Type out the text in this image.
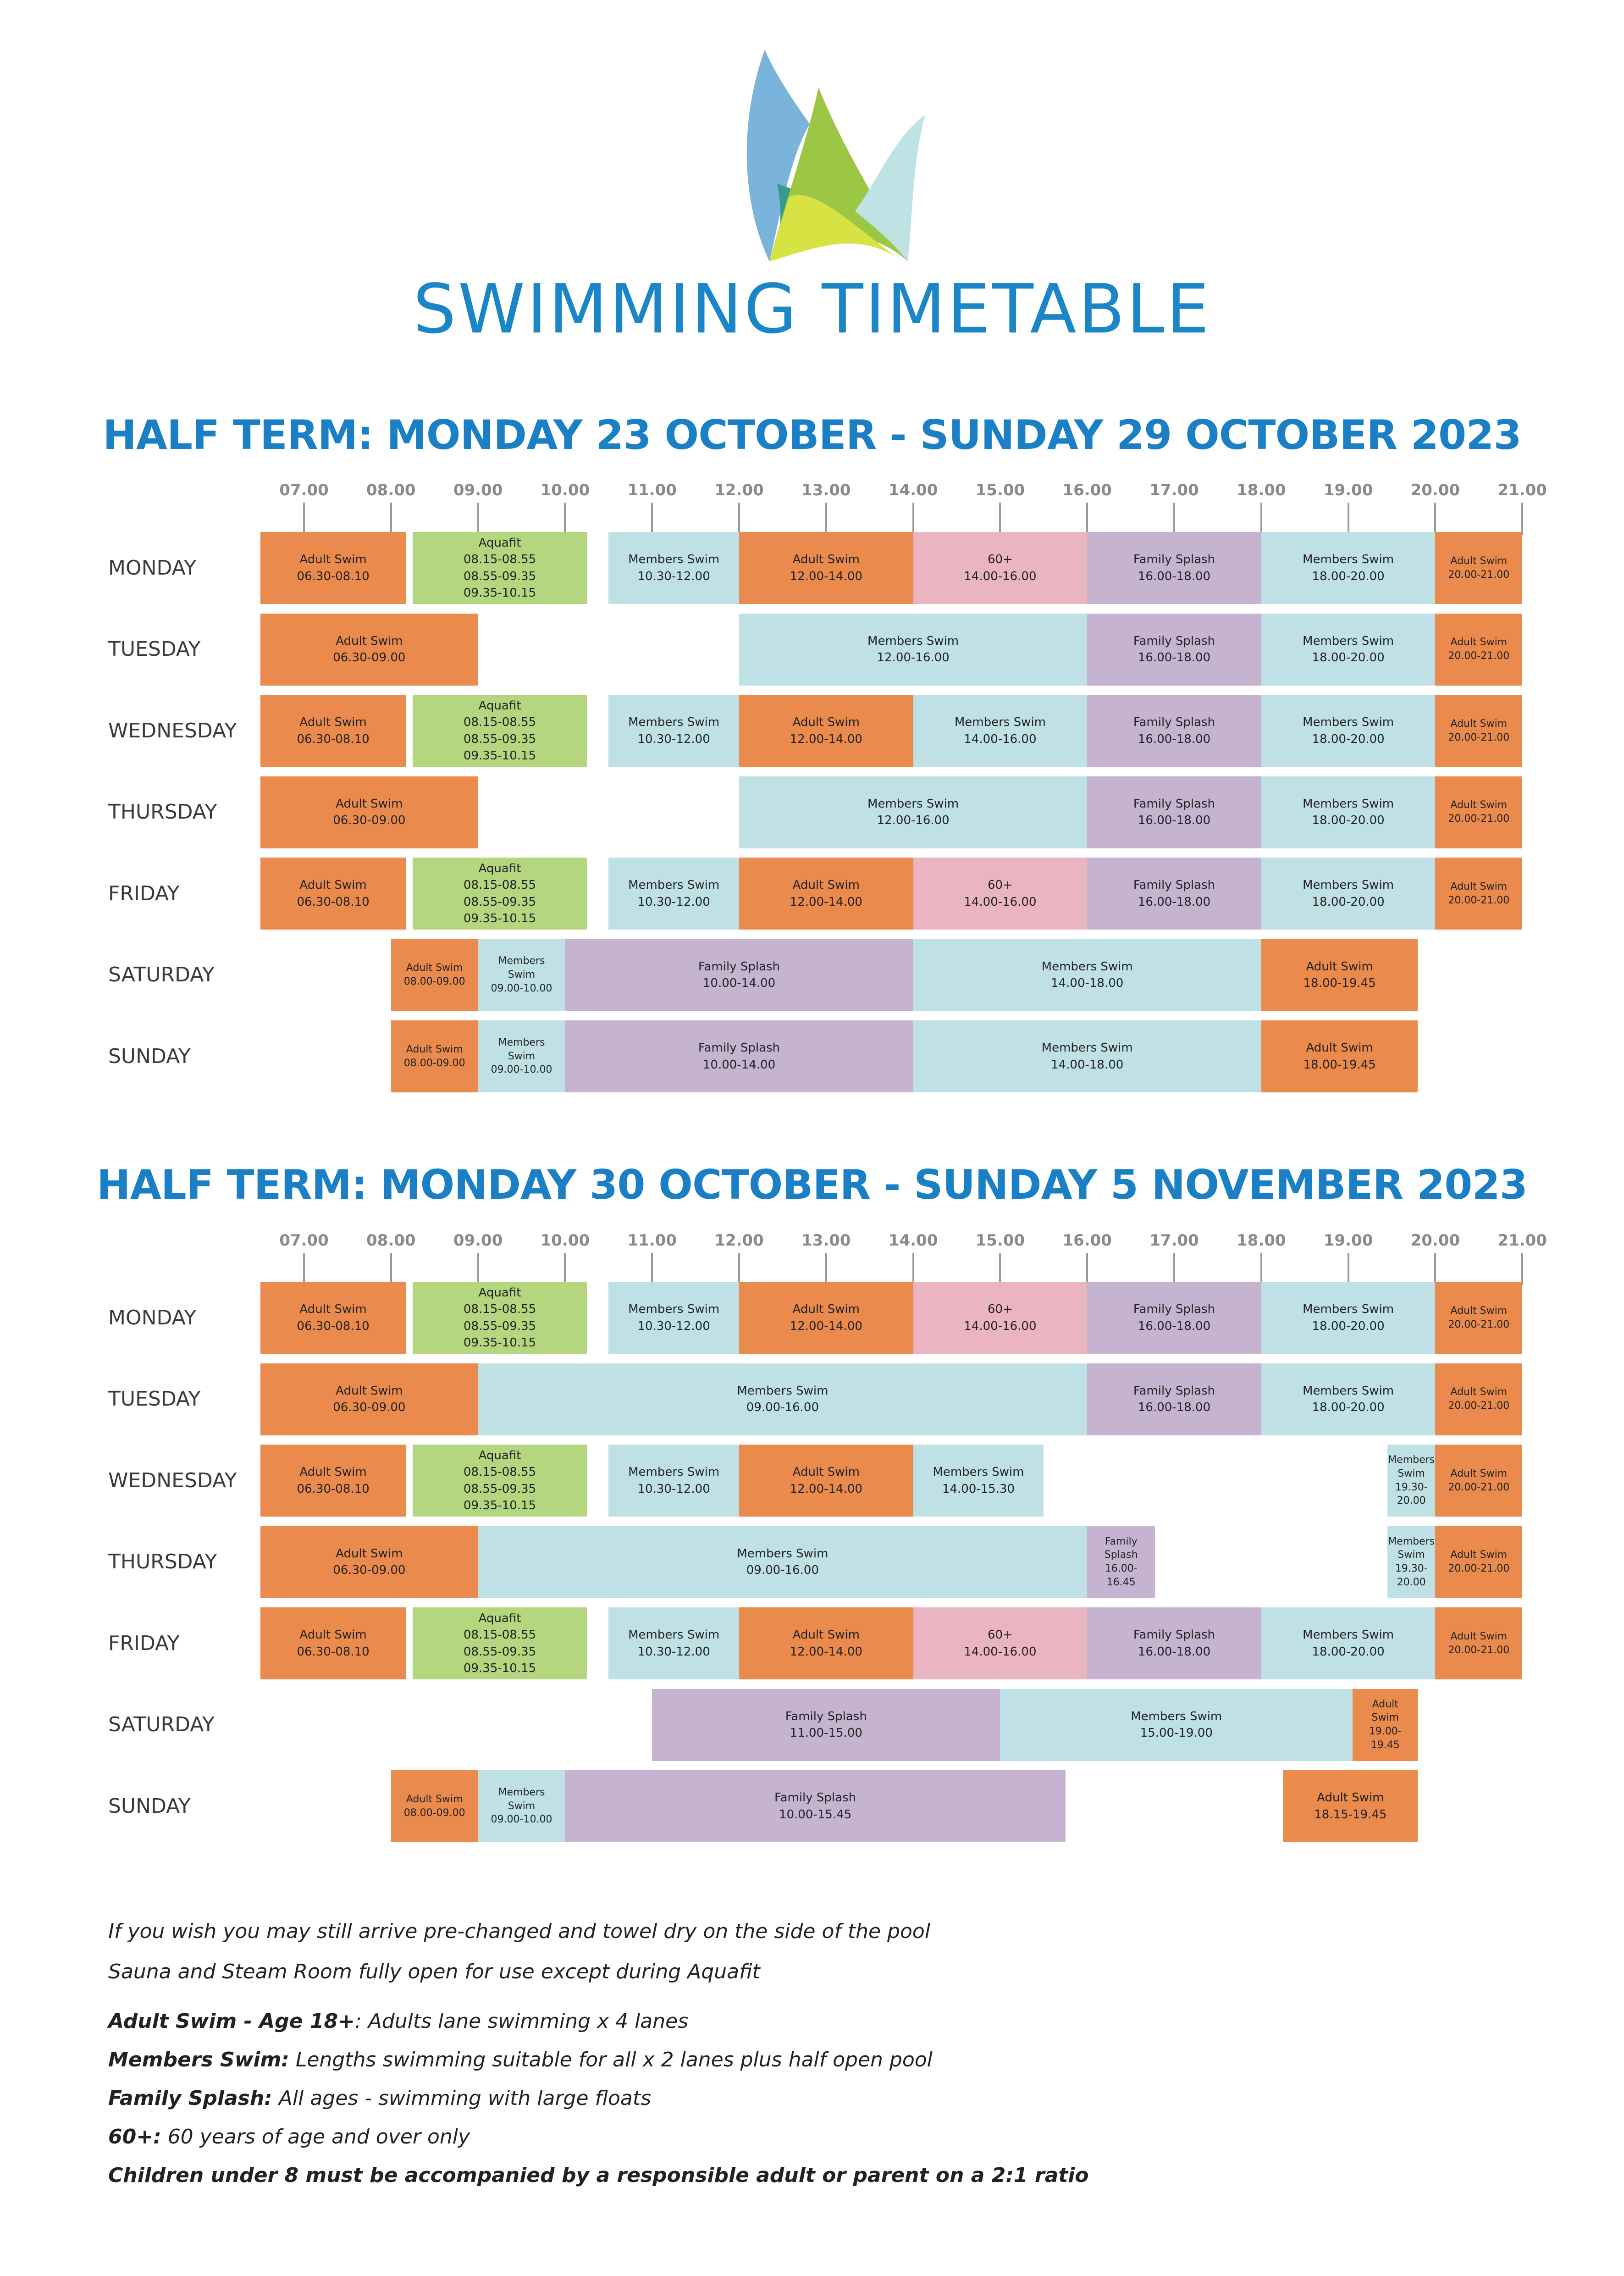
SWIMMING TIMETABLE
HALF TERM: MONDAY 23 OCTOBER - SUNDAY 29 OCTOBER 2023
07.00	08.00	09.00	10.00	11.00	12.00	13.00	14.00	15.00	16.00	17.00	18.00	19.00	20.00	21.00
MONDAY	Adult Swim
06.30-08.10
Aquafit
08.15-08.55
08.55-09.35
09.35-10.15
Members Swim
10.30-12.00
Adult Swim
12.00-14.00
60+
14.00-16.00
Family Splash
16.00-18.00
Members Swim
18.00-20.00
Adult Swim
20.00-21.00
TUESDAY	Adult Swim
06.30-09.00
Members Swim
12.00-16.00
Family Splash
16.00-18.00
Members Swim
18.00-20.00
Adult Swim
20.00-21.00
WEDNESDAY	Adult Swim
06.30-08.10
Aquafit
08.15-08.55
08.55-09.35
09.35-10.15
Members Swim
10.30-12.00
Adult Swim
12.00-14.00
Members Swim
14.00-16.00
Family Splash
16.00-18.00
Members Swim
18.00-20.00
Adult Swim
20.00-21.00
THURSDAY	Adult Swim
06.30-09.00
Members Swim
12.00-16.00
Family Splash
16.00-18.00
Members Swim
18.00-20.00
Adult Swim
20.00-21.00
FRIDAY	Adult Swim
06.30-08.10
Aquafit
08.15-08.55
08.55-09.35
09.35-10.15
Members Swim
10.30-12.00
Adult Swim
12.00-14.00
60+
14.00-16.00
Family Splash
16.00-18.00
Members Swim
18.00-20.00
Adult Swim
20.00-21.00
SATURDAY	Adult Swim
08.00-09.00
Members
Swim
09.00-10.00
Family Splash
10.00-14.00
Members Swim
14.00-18.00
Adult Swim
18.00-19.45
SUNDAY	Adult Swim
08.00-09.00
Members
Swim
09.00-10.00
Family Splash
10.00-14.00
Members Swim
14.00-18.00
Adult Swim
18.00-19.45
HALF TERM: MONDAY 30 OCTOBER - SUNDAY 5 NOVEMBER 2023
07.00	08.00	09.00	10.00	11.00	12.00	13.00	14.00	15.00	16.00	17.00	18.00	19.00	20.00	21.00
MONDAY	Adult Swim
06.30-08.10
Aquafit
08.15-08.55
08.55-09.35
09.35-10.15
Members Swim
10.30-12.00
Adult Swim
12.00-14.00
60+
14.00-16.00
Family Splash
16.00-18.00
Members Swim
18.00-20.00
Adult Swim
20.00-21.00
TUESDAY	Adult Swim
06.30-09.00
Members Swim
09.00-16.00
Family Splash
16.00-18.00
Members Swim
18.00-20.00
Adult Swim
20.00-21.00
WEDNESDAY	Adult Swim
06.30-08.10
Aquafit
08.15-08.55
08.55-09.35
09.35-10.15
Members Swim
10.30-12.00
Adult Swim
12.00-14.00
Members Swim
14.00-15.30
Members
Swim
19.30-
20.00
Adult Swim
20.00-21.00
THURSDAY	Adult Swim
06.30-09.00
Members Swim
09.00-16.00
Family
Splash
16.00-
16.45
Members
Swim
19.30-
20.00
Adult Swim
20.00-21.00
FRIDAY	Adult Swim
06.30-08.10
Aquafit
08.15-08.55
08.55-09.35
09.35-10.15
Members Swim
10.30-12.00
Adult Swim
12.00-14.00
60+
14.00-16.00
Family Splash
16.00-18.00
Members Swim
18.00-20.00
Adult Swim
20.00-21.00
SATURDAY	Family Splash
11.00-15.00
Members Swim
15.00-19.00
Adult
Swim
19.00-
19.45
SUNDAY	Adult Swim
08.00-09.00
Members
Swim
09.00-10.00
Family Splash
10.00-15.45
Adult Swim
18.15-19.45
If you wish you may still arrive pre-changed and towel dry on the side of the pool
Sauna and Steam Room fully open for use except during Aquafit
Adult Swim - Age 18+: Adults lane swimming x 4 lanes
Members Swim: Lengths swimming suitable for all x 2 lanes plus half open pool
Family Splash: All ages - swimming with large floats
60+: 60 years of age and over only
Children under 8 must be accompanied by a responsible adult or parent on a 2:1 ratio
